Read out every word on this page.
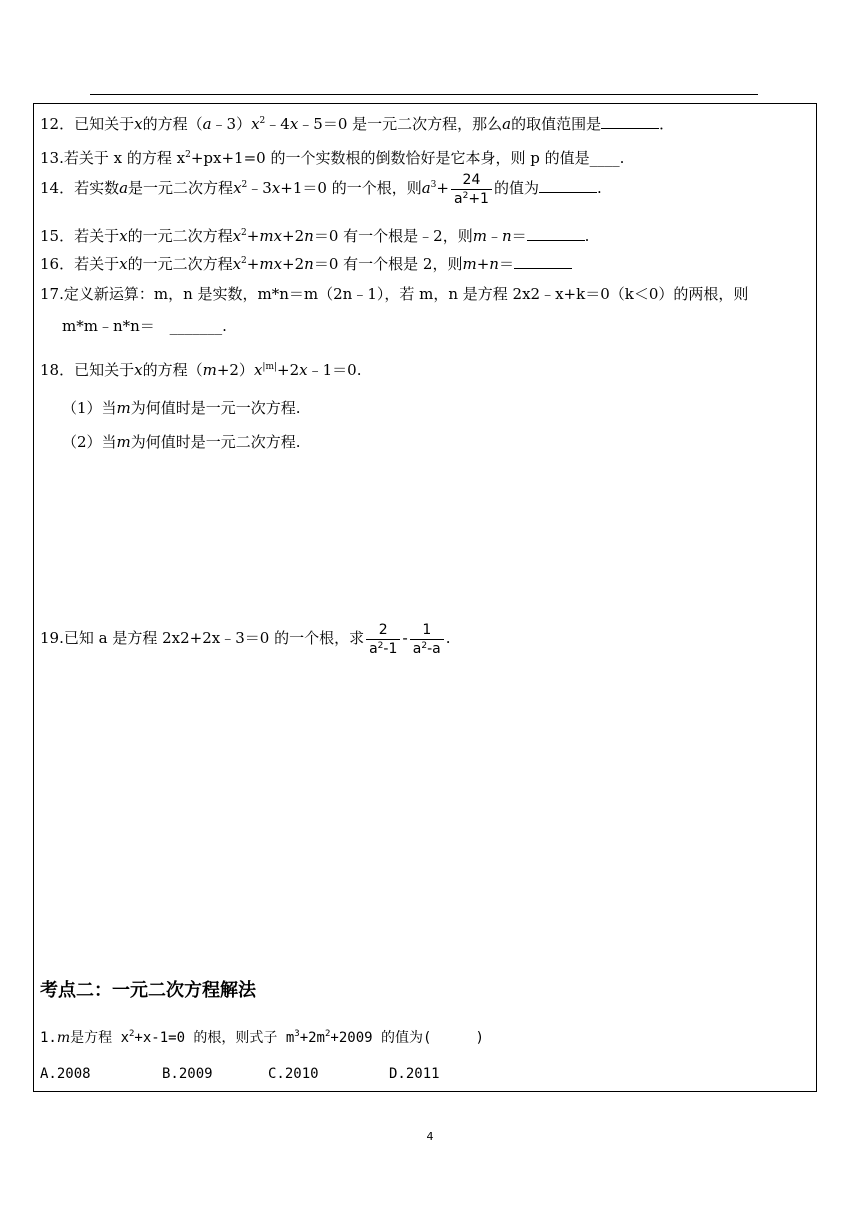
12．已知关于x的方程$(a﹣3)x^2﹣4x﹣5=0$ 是一元二次方程，那么a的取值范围是	．
13.若关于 x 的方程 $x^2+px+1=0$ 的一个实数根的倒数恰好是它本身，则 p 的值是____.
14．若实数a是一元二次方程$x^2﹣3x+1=0$ 的一个根，则$a^3+ \frac{24}{a^2+1}$ 的值为	.
15．若关于x的一元二次方程$x^2+mx+2n=0$ 有一个根是﹣2，则m﹣n＝	.
16．若关于x的一元二次方程$x^2+mx+2n=0$ 有一个根是 2，则m+n＝
17.定义新运算：m，n 是实数，m*n＝m（2n﹣1），若 m，n 是方程 2x2﹣x+k＝0（k＜0）的两根，则
m*m﹣n*n＝ _______.
18．已知关于x的方程$(m+2)x^{|m|}+2x﹣1=0$.
（1）当m为何值时是一元一次方程.
（2）当m为何值时是一元二次方程.
19.已知 a 是方程 2x2+2x﹣3＝0 的一个根，求 $\frac{2}{a^2-1} - \frac{1}{a^2-a}$ .
考点二：一元二次方程解法
1.m是方程 $x^2+x-1=0$ 的根，则式子 $m^3+2m^2+2009$ 的值为(	)
A.2008	B.2009	C.2010	D.2011
4
